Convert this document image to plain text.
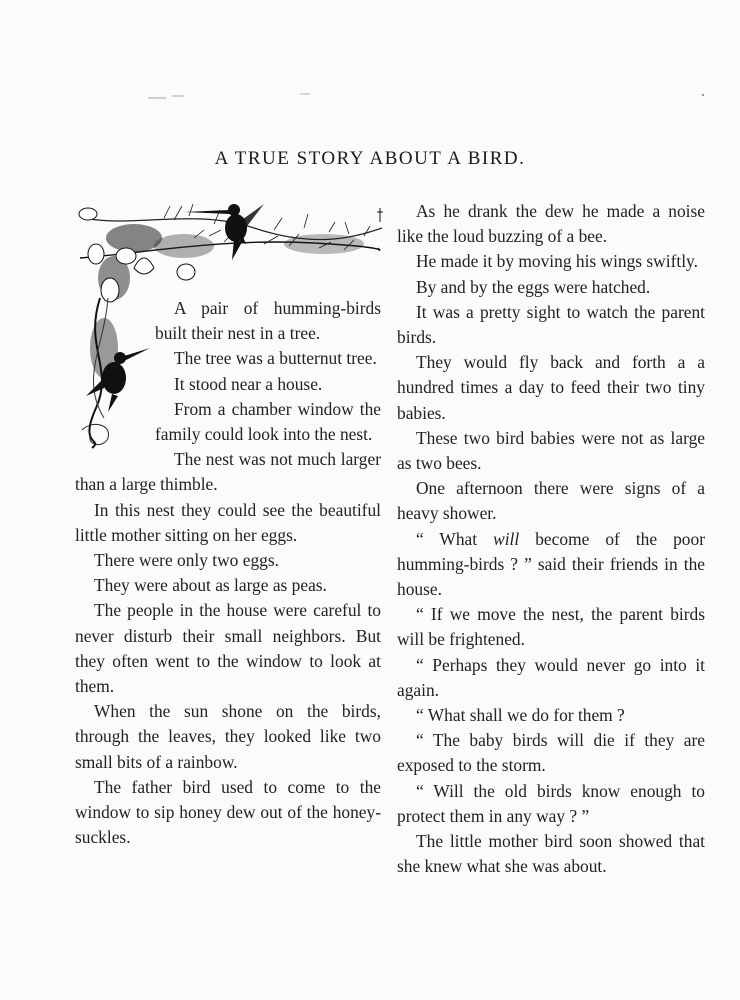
A TRUE STORY ABOUT A BIRD.

A pair of humming-birds built their nest in a tree.

The tree was a butternut tree.

It stood near a house.

From a chamber window the family could look into the nest.

The nest was not much larger than a large thimble.

In this nest they could see the beautiful little mother sitting on her eggs.

There were only two eggs.

They were about as large as peas.

The people in the house were careful to never disturb their small neighbors. But they often went to the window to look at them.

When the sun shone on the birds, through the leaves, they looked like two small bits of a rainbow.

The father bird used to come to the window to sip honey dew out of the honey-suckles.

As he drank the dew he made a noise like the loud buzzing of a bee.

He made it by moving his wings swiftly.

By and by the eggs were hatched.

It was a pretty sight to watch the parent birds.

They would fly back and forth a a hundred times a day to feed their two tiny babies.

These two bird babies were not as large as two bees.

One afternoon there were signs of a heavy shower.

“ What will become of the poor humming-birds ? ” said their friends in the house.

“ If we move the nest, the parent birds will be frightened.

“ Perhaps they would never go into it again.

“ What shall we do for them ?

“ The baby birds will die if they are exposed to the storm.

“ Will the old birds know enough to protect them in any way ? ”

The little mother bird soon showed that she knew what she was about.
